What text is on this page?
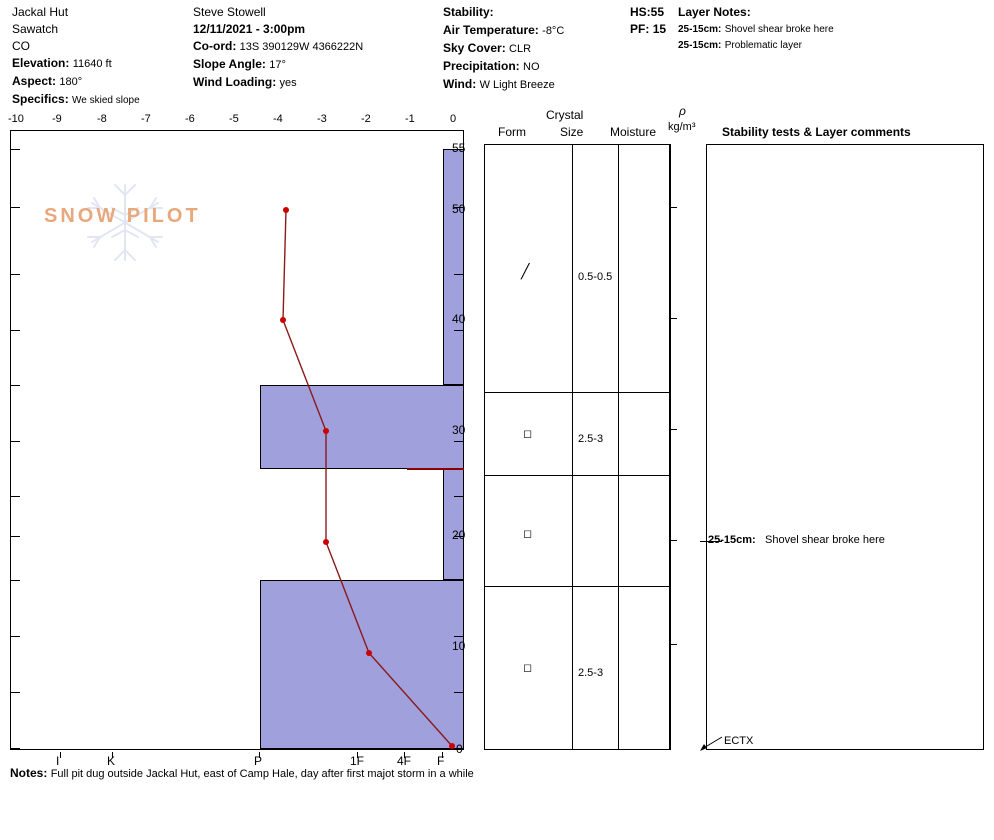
Jackal Hut
Sawatch
CO
Elevation: 11640 ft
Aspect: 180°
Specifics: We skied slope
Steve Stowell
12/11/2021 - 3:00pm
Co-ord: 13S 390129W 4366222N
Slope Angle: 17°
Wind Loading: yes
Stability:
Air Temperature: -8°C
Sky Cover: CLR
Precipitation: NO
Wind: W Light Breeze
HS:55
PF: 15
Layer Notes:
25-15cm: Shovel shear broke here
25-15cm: Problematic layer
-10	-9	-8	-7	-6	-5	-4	-3	-2	-1	0
55
50
40
30
20
10
0
I	K	P	1F	4F F
Crystal
Form	Size Moisture
ρ
kg/m³ Stability tests & Layer comments
╱	0.5-0.5
◻	2.5-3
◻
◻	2.5-3
25-15cm: Shovel shear broke here
ECTX
SNOW PILOT
Notes: Full pit dug outside Jackal Hut, east of Camp Hale, day after first majot storm in a while
